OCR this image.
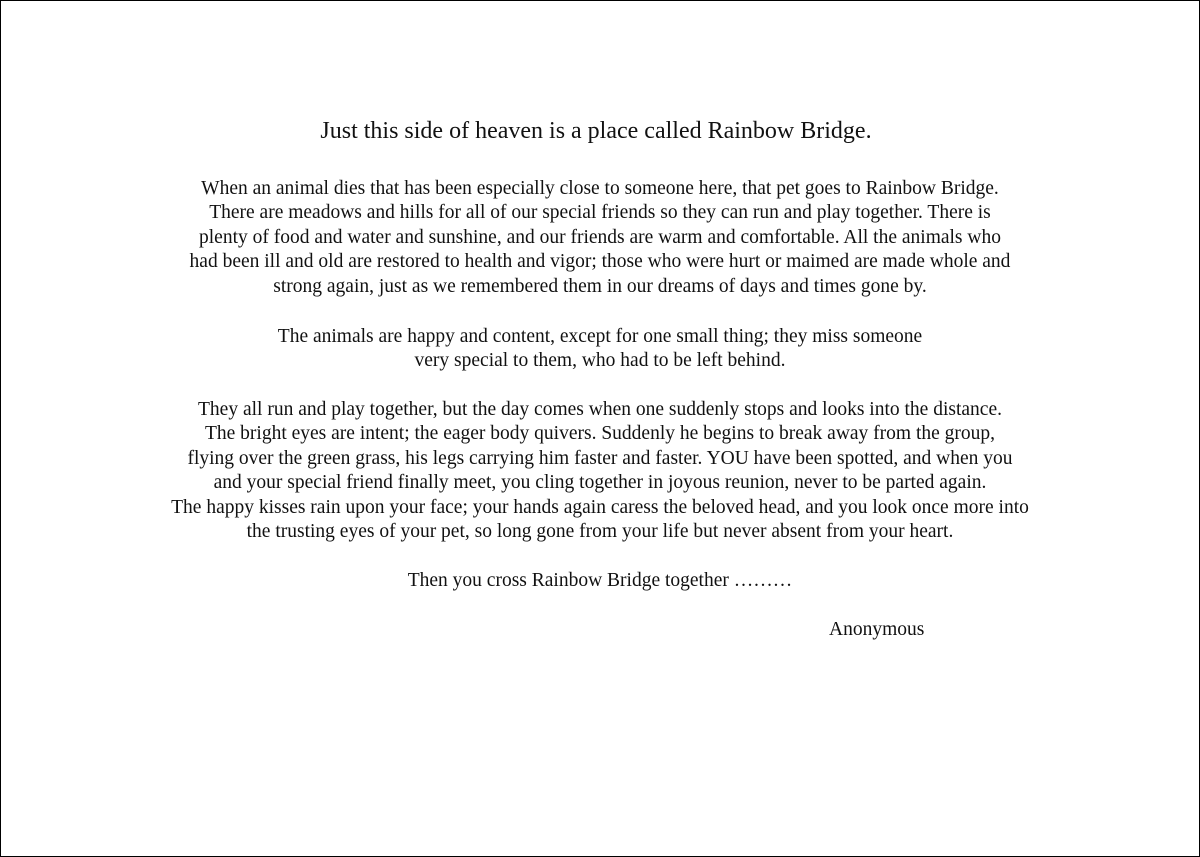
Just this side of heaven is a place called Rainbow Bridge.
When an animal dies that has been especially close to someone here, that pet goes to Rainbow Bridge.
There are meadows and hills for all of our special friends so they can run and play together. There is
plenty of food and water and sunshine, and our friends are warm and comfortable. All the animals who
had been ill and old are restored to health and vigor; those who were hurt or maimed are made whole and
strong again, just as we remembered them in our dreams of days and times gone by.
The animals are happy and content, except for one small thing; they miss someone
very special to them, who had to be left behind.
They all run and play together, but the day comes when one suddenly stops and looks into the distance.
The bright eyes are intent; the eager body quivers. Suddenly he begins to break away from the group,
flying over the green grass, his legs carrying him faster and faster. YOU have been spotted, and when you
and your special friend finally meet, you cling together in joyous reunion, never to be parted again.
The happy kisses rain upon your face; your hands again caress the beloved head, and you look once more into
the trusting eyes of your pet, so long gone from your life but never absent from your heart.
Then you cross Rainbow Bridge together ………
Anonymous
